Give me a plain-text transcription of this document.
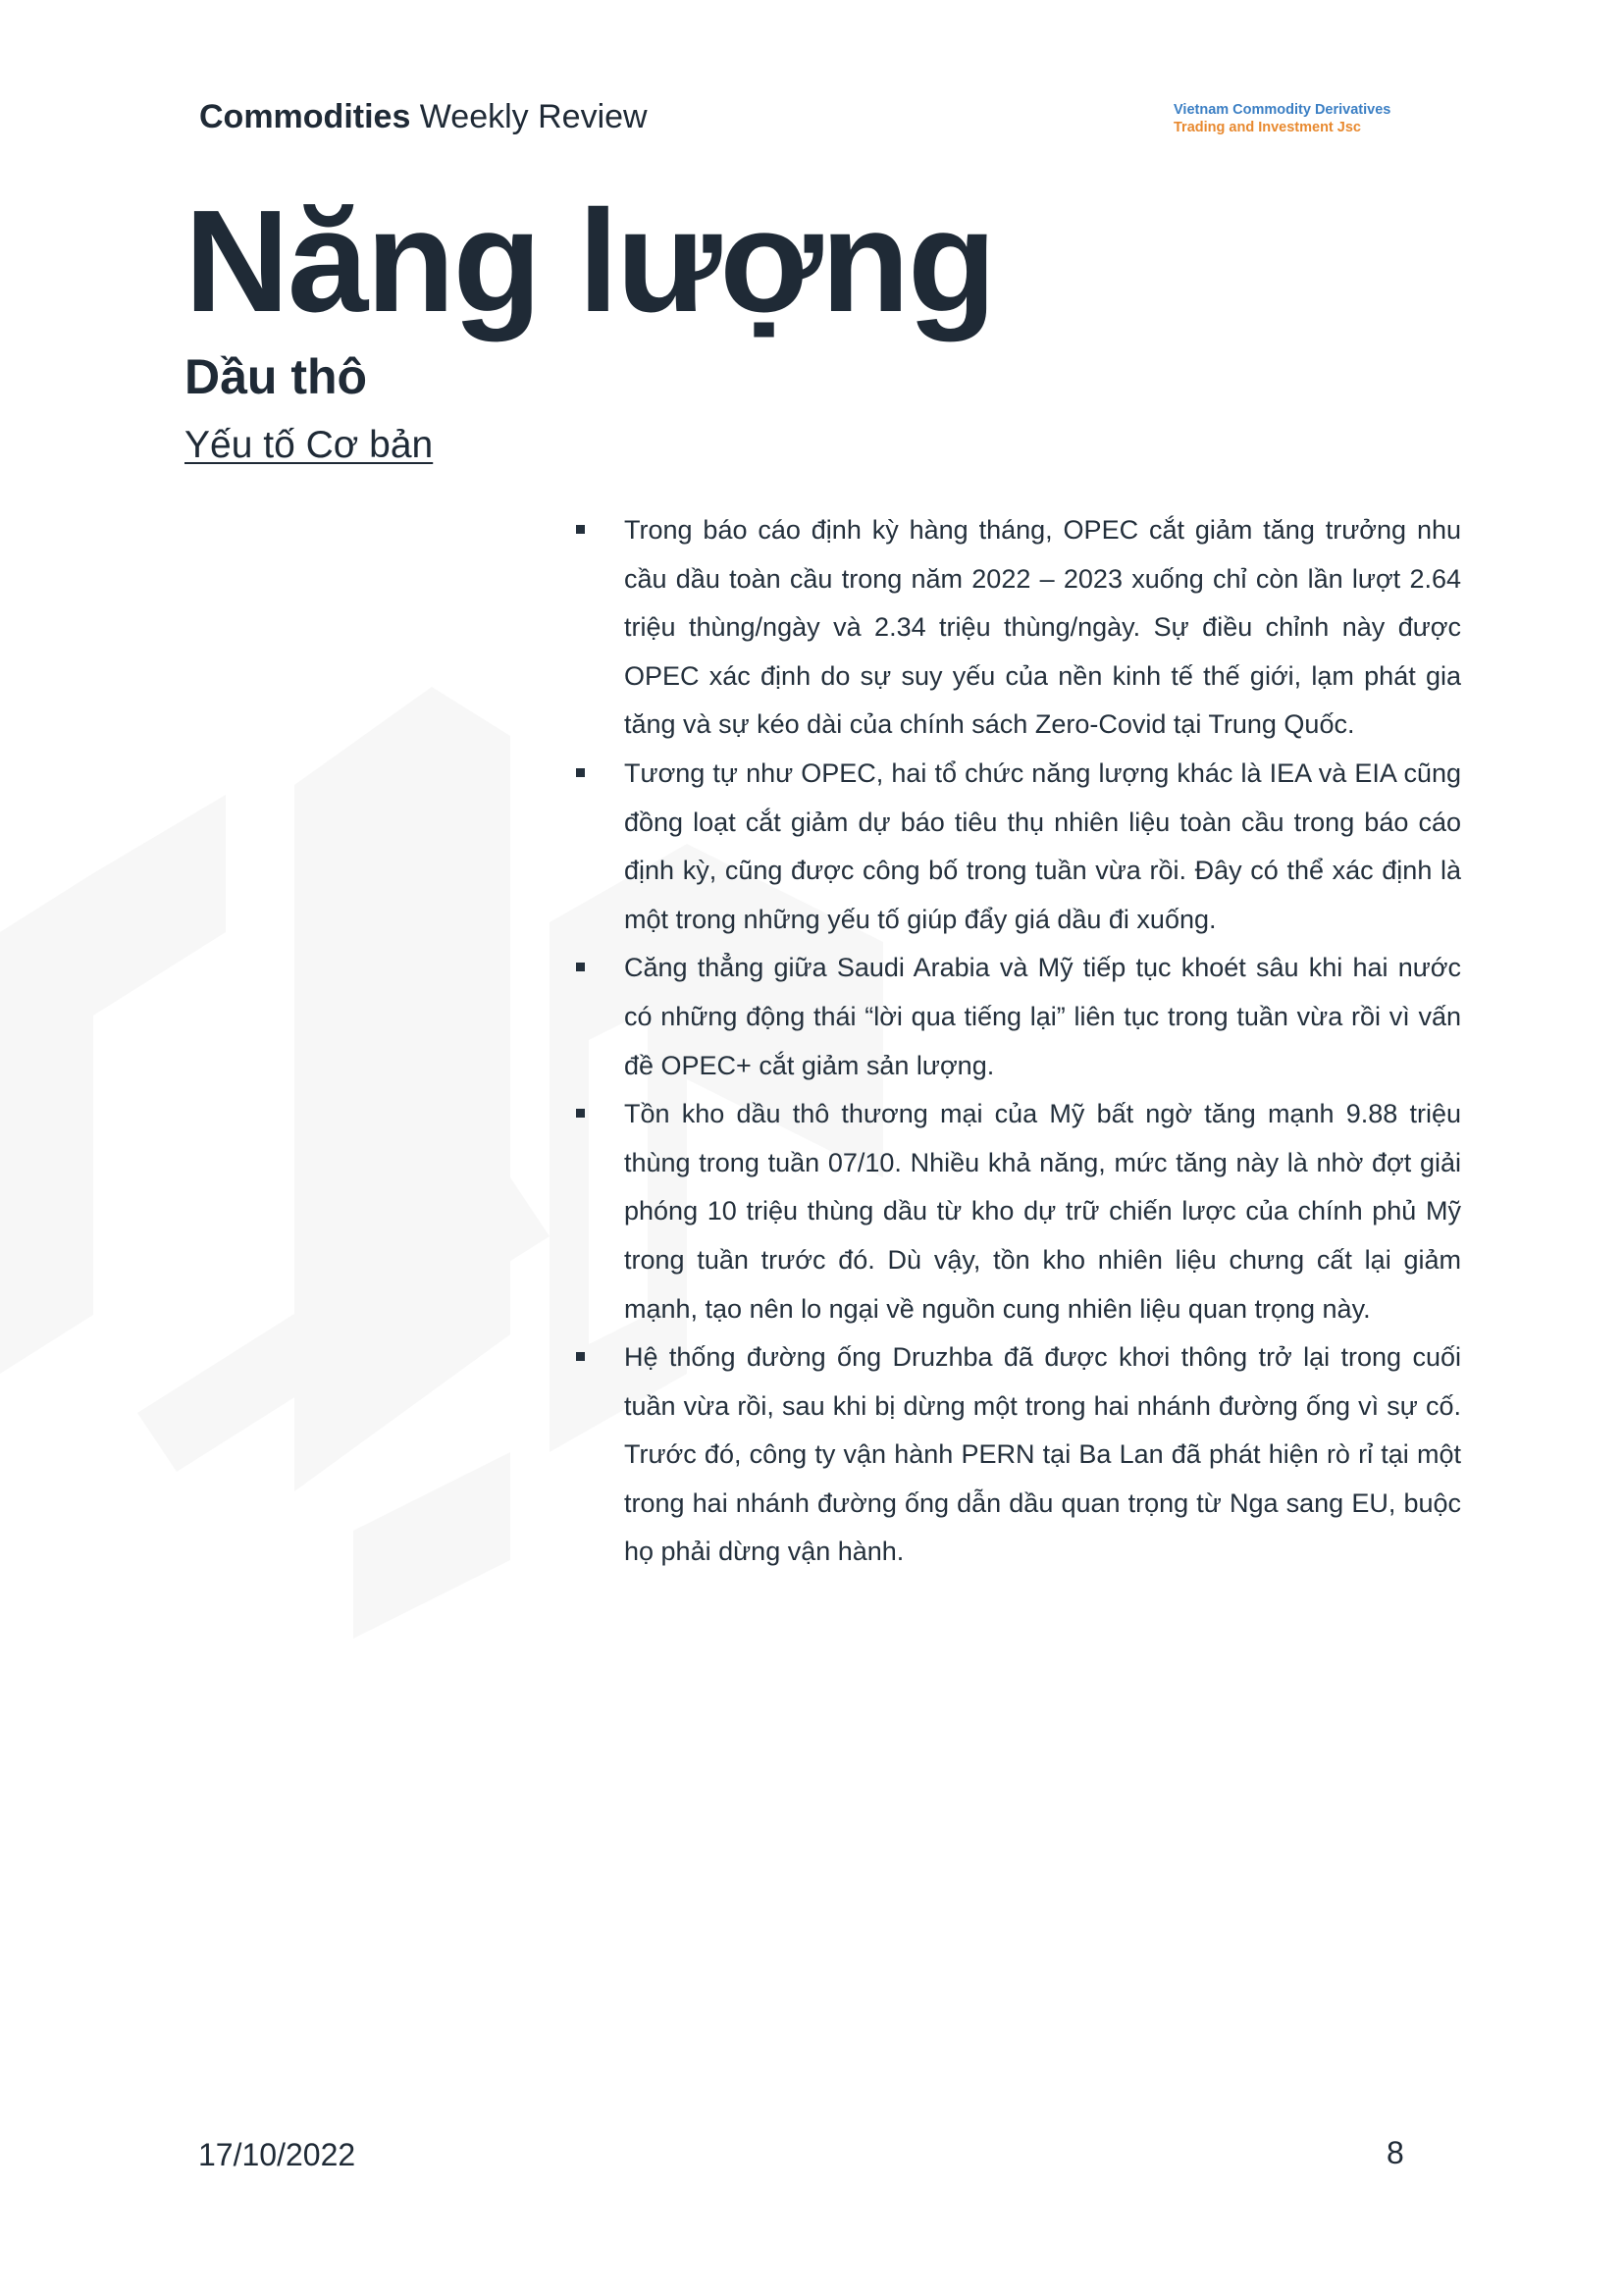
Commodities Weekly Review	Vietnam Commodity Derivatives
Trading and Investment Jsc
Năng lượng
Dầu thô
Yếu tố Cơ bản
Trong báo cáo định kỳ hàng tháng, OPEC cắt giảm tăng trưởng nhu cầu dầu toàn cầu trong năm 2022 – 2023 xuống chỉ còn lần lượt 2.64 triệu thùng/ngày và 2.34 triệu thùng/ngày. Sự điều chỉnh này được OPEC xác định do sự suy yếu của nền kinh tế thế giới, lạm phát gia tăng và sự kéo dài của chính sách Zero-Covid tại Trung Quốc.
Tương tự như OPEC, hai tổ chức năng lượng khác là IEA và EIA cũng đồng loạt cắt giảm dự báo tiêu thụ nhiên liệu toàn cầu trong báo cáo định kỳ, cũng được công bố trong tuần vừa rồi. Đây có thể xác định là một trong những yếu tố giúp đẩy giá dầu đi xuống.
Căng thẳng giữa Saudi Arabia và Mỹ tiếp tục khoét sâu khi hai nước có những động thái “lời qua tiếng lại” liên tục trong tuần vừa rồi vì vấn đề OPEC+ cắt giảm sản lượng.
Tồn kho dầu thô thương mại của Mỹ bất ngờ tăng mạnh 9.88 triệu thùng trong tuần 07/10. Nhiều khả năng, mức tăng này là nhờ đợt giải phóng 10 triệu thùng dầu từ kho dự trữ chiến lược của chính phủ Mỹ trong tuần trước đó. Dù vậy, tồn kho nhiên liệu chưng cất lại giảm mạnh, tạo nên lo ngại về nguồn cung nhiên liệu quan trọng này.
Hệ thống đường ống Druzhba đã được khơi thông trở lại trong cuối tuần vừa rồi, sau khi bị dừng một trong hai nhánh đường ống vì sự cố. Trước đó, công ty vận hành PERN tại Ba Lan đã phát hiện rò rỉ tại một trong hai nhánh đường ống dẫn dầu quan trọng từ Nga sang EU, buộc họ phải dừng vận hành.
17/10/2022	8
